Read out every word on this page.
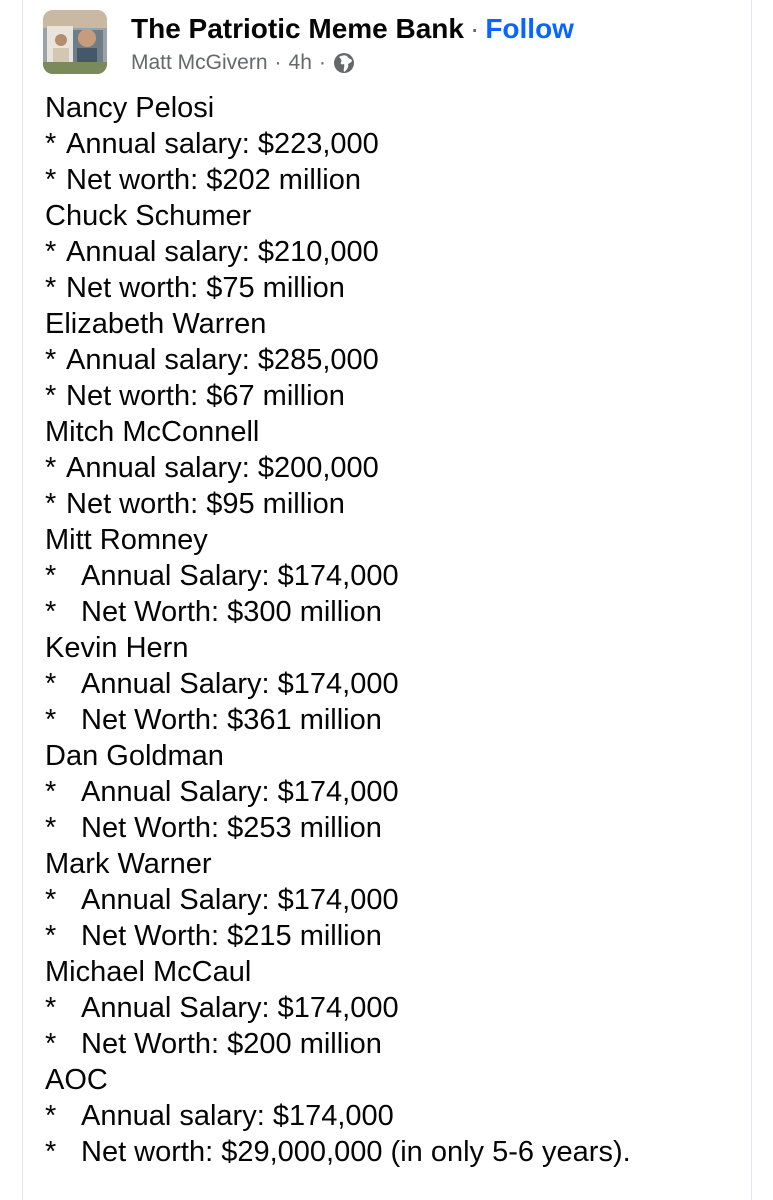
The Patriotic Meme Bank · Follow
Matt McGivern · 4h ·
Nancy Pelosi
* Annual salary: $223,000
* Net worth: $202 million
Chuck Schumer
* Annual salary: $210,000
* Net worth: $75 million
Elizabeth Warren
* Annual salary: $285,000
* Net worth: $67 million
Mitch McConnell
* Annual salary: $200,000
* Net worth: $95 million
Mitt Romney
* Annual Salary: $174,000
* Net Worth: $300 million
Kevin Hern
* Annual Salary: $174,000
* Net Worth: $361 million
Dan Goldman
* Annual Salary: $174,000
* Net Worth: $253 million
Mark Warner
* Annual Salary: $174,000
* Net Worth: $215 million
Michael McCaul
* Annual Salary: $174,000
* Net Worth: $200 million
AOC
* Annual salary: $174,000
* Net worth: $29,000,000 (in only 5-6 years).
